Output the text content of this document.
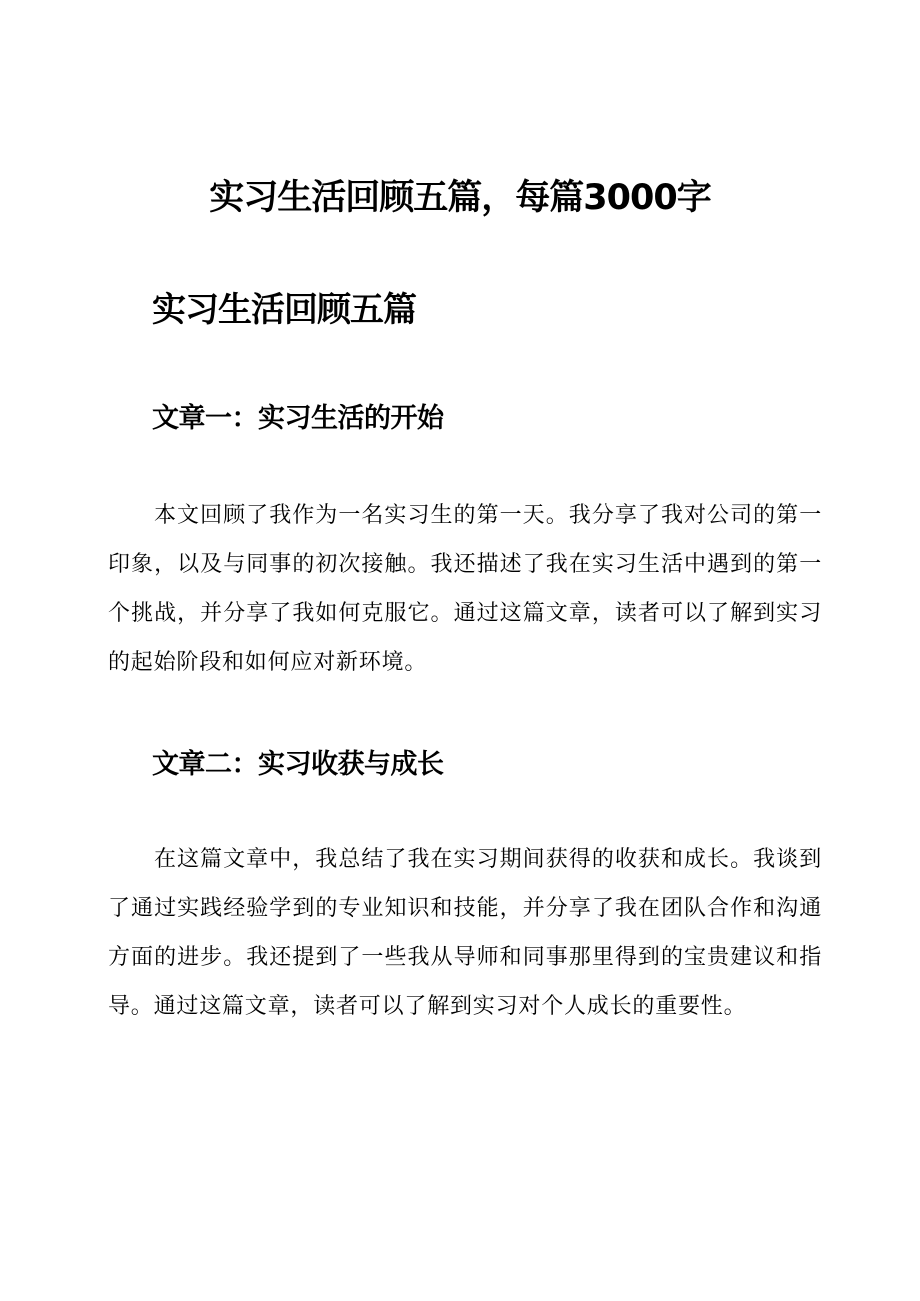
实习生活回顾五篇，每篇3000字
实习生活回顾五篇
文章一：实习生活的开始

本文回顾了我作为一名实习生的第一天。我分享了我对公司的第一印象，以及与同事的初次接触。我还描述了我在实习生活中遇到的第一个挑战，并分享了我如何克服它。通过这篇文章，读者可以了解到实习的起始阶段和如何应对新环境。

文章二：实习收获与成长

在这篇文章中，我总结了我在实习期间获得的收获和成长。我谈到了通过实践经验学到的专业知识和技能，并分享了我在团队合作和沟通方面的进步。我还提到了一些我从导师和同事那里得到的宝贵建议和指导。通过这篇文章，读者可以了解到实习对个人成长的重要性。
